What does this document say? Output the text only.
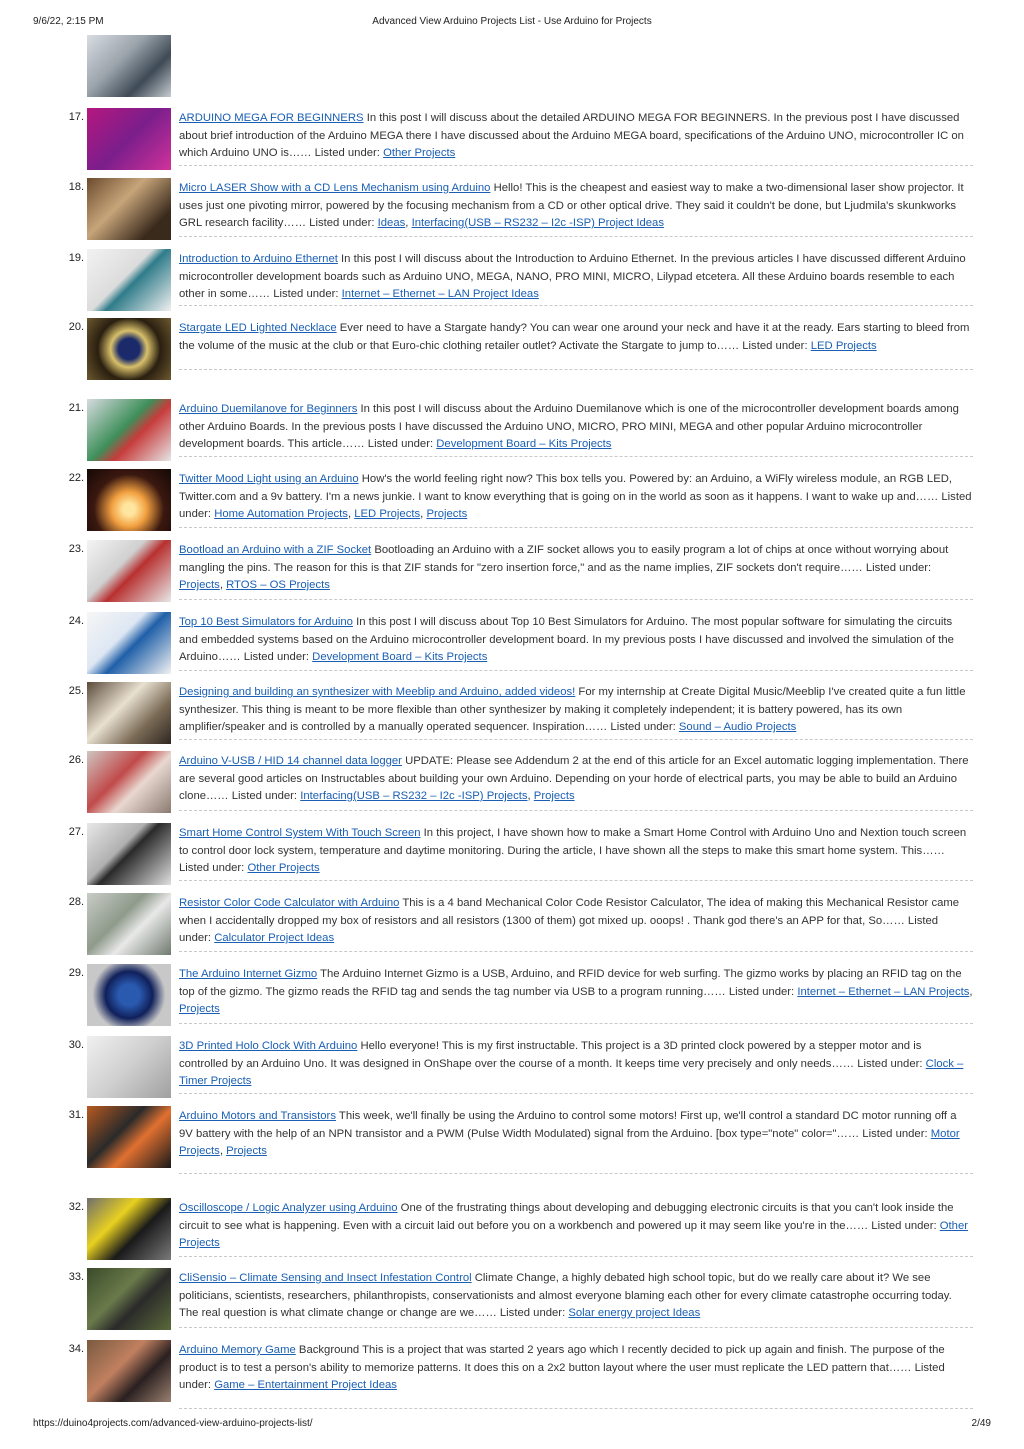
9/6/22, 2:15 PM	Advanced View Arduino Projects List - Use Arduino for Projects
17.	ARDUINO MEGA FOR BEGINNERS In this post I will discuss about the detailed ARDUINO MEGA FOR BEGINNERS. In the previous post I have discussed about brief introduction of the Arduino MEGA there I have discussed about the Arduino MEGA board, specifications of the Arduino UNO, microcontroller IC on which Arduino UNO is…… Listed under: Other Projects
18.	Micro LASER Show with a CD Lens Mechanism using Arduino Hello! This is the cheapest and easiest way to make a two-dimensional laser show projector. It uses just one pivoting mirror, powered by the focusing mechanism from a CD or other optical drive. They said it couldn't be done, but Ljudmila's skunkworks GRL research facility…… Listed under: Ideas, Interfacing(USB – RS232 – I2c -ISP) Project Ideas
19.	Introduction to Arduino Ethernet In this post I will discuss about the Introduction to Arduino Ethernet. In the previous articles I have discussed different Arduino microcontroller development boards such as Arduino UNO, MEGA, NANO, PRO MINI, MICRO, Lilypad etcetera. All these Arduino boards resemble to each other in some…… Listed under: Internet – Ethernet – LAN Project Ideas
20.	Stargate LED Lighted Necklace Ever need to have a Stargate handy? You can wear one around your neck and have it at the ready. Ears starting to bleed from the volume of the music at the club or that Euro-chic clothing retailer outlet? Activate the Stargate to jump to…… Listed under: LED Projects
21.	Arduino Duemilanove for Beginners In this post I will discuss about the Arduino Duemilanove which is one of the microcontroller development boards among other Arduino Boards. In the previous posts I have discussed the Arduino UNO, MICRO, PRO MINI, MEGA and other popular Arduino microcontroller development boards. This article…… Listed under: Development Board – Kits Projects
22.	Twitter Mood Light using an Arduino How's the world feeling right now? This box tells you. Powered by: an Arduino, a WiFly wireless module, an RGB LED, Twitter.com and a 9v battery. I'm a news junkie. I want to know everything that is going on in the world as soon as it happens. I want to wake up and…… Listed under: Home Automation Projects, LED Projects, Projects
23.	Bootload an Arduino with a ZIF Socket Bootloading an Arduino with a ZIF socket allows you to easily program a lot of chips at once without worrying about mangling the pins. The reason for this is that ZIF stands for "zero insertion force," and as the name implies, ZIF sockets don't require…… Listed under: Projects, RTOS – OS Projects
24.	Top 10 Best Simulators for Arduino In this post I will discuss about Top 10 Best Simulators for Arduino. The most popular software for simulating the circuits and embedded systems based on the Arduino microcontroller development board. In my previous posts I have discussed and involved the simulation of the Arduino…… Listed under: Development Board – Kits Projects
25.	Designing and building an synthesizer with Meeblip and Arduino, added videos! For my internship at Create Digital Music/Meeblip I've created quite a fun little synthesizer. This thing is meant to be more flexible than other synthesizer by making it completely independent; it is battery powered, has its own amplifier/speaker and is controlled by a manually operated sequencer. Inspiration…… Listed under: Sound – Audio Projects
26.	Arduino V-USB / HID 14 channel data logger UPDATE: Please see Addendum 2 at the end of this article for an Excel automatic logging implementation. There are several good articles on Instructables about building your own Arduino. Depending on your horde of electrical parts, you may be able to build an Arduino clone…… Listed under: Interfacing(USB – RS232 – I2c -ISP) Projects, Projects
27.	Smart Home Control System With Touch Screen In this project, I have shown how to make a Smart Home Control with Arduino Uno and Nextion touch screen to control door lock system, temperature and daytime monitoring. During the article, I have shown all the steps to make this smart home system. This…… Listed under: Other Projects
28.	Resistor Color Code Calculator with Arduino This is a 4 band Mechanical Color Code Resistor Calculator, The idea of making this Mechanical Resistor came when I accidentally dropped my box of resistors and all resistors (1300 of them) got mixed up. ooops! . Thank god there's an APP for that, So…… Listed under: Calculator Project Ideas
29.	The Arduino Internet Gizmo The Arduino Internet Gizmo is a USB, Arduino, and RFID device for web surfing. The gizmo works by placing an RFID tag on the top of the gizmo. The gizmo reads the RFID tag and sends the tag number via USB to a program running…… Listed under: Internet – Ethernet – LAN Projects, Projects
30.	3D Printed Holo Clock With Arduino Hello everyone! This is my first instructable. This project is a 3D printed clock powered by a stepper motor and is controlled by an Arduino Uno. It was designed in OnShape over the course of a month. It keeps time very precisely and only needs…… Listed under: Clock – Timer Projects
31.	Arduino Motors and Transistors This week, we'll finally be using the Arduino to control some motors! First up, we'll control a standard DC motor running off a 9V battery with the help of an NPN transistor and a PWM (Pulse Width Modulated) signal from the Arduino. [box type="note" color="…… Listed under: Motor Projects, Projects
32.	Oscilloscope / Logic Analyzer using Arduino One of the frustrating things about developing and debugging electronic circuits is that you can't look inside the circuit to see what is happening. Even with a circuit laid out before you on a workbench and powered up it may seem like you're in the…… Listed under: Other Projects
33.	CliSensio – Climate Sensing and Insect Infestation Control Climate Change, a highly debated high school topic, but do we really care about it? We see politicians, scientists, researchers, philanthropists, conservationists and almost everyone blaming each other for every climate catastrophe occurring today. The real question is what climate change or change are we…… Listed under: Solar energy project Ideas
34.	Arduino Memory Game Background This is a project that was started 2 years ago which I recently decided to pick up again and finish. The purpose of the product is to test a person's ability to memorize patterns. It does this on a 2x2 button layout where the user must replicate the LED pattern that…… Listed under: Game – Entertainment Project Ideas
https://duino4projects.com/advanced-view-arduino-projects-list/	2/49
